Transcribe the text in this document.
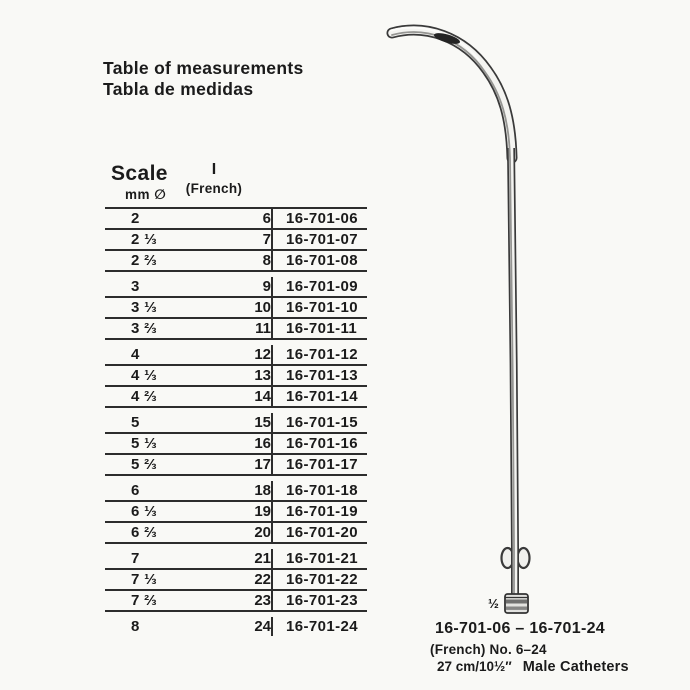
Table of measurements
Tabla de medidas
Scale
mm ∅
I
(French)
2	6	16-701-06
2 ⅓	7	16-701-07
2 ⅔	8	16-701-08
3	9	16-701-09
3 ⅓	10	16-701-10
3 ⅔	11	16-701-11
4	12	16-701-12
4 ⅓	13	16-701-13
4 ⅔	14	16-701-14
5	15	16-701-15
5 ⅓	16	16-701-16
5 ⅔	17	16-701-17
6	18	16-701-18
6 ⅓	19	16-701-19
6 ⅔	20	16-701-20
7	21	16-701-21
7 ⅓	22	16-701-22
7 ⅔	23	16-701-23
8	24	16-701-24
½
16-701-06 – 16-701-24
(French) No. 6–24
27 cm/10½″ Male Catheters
